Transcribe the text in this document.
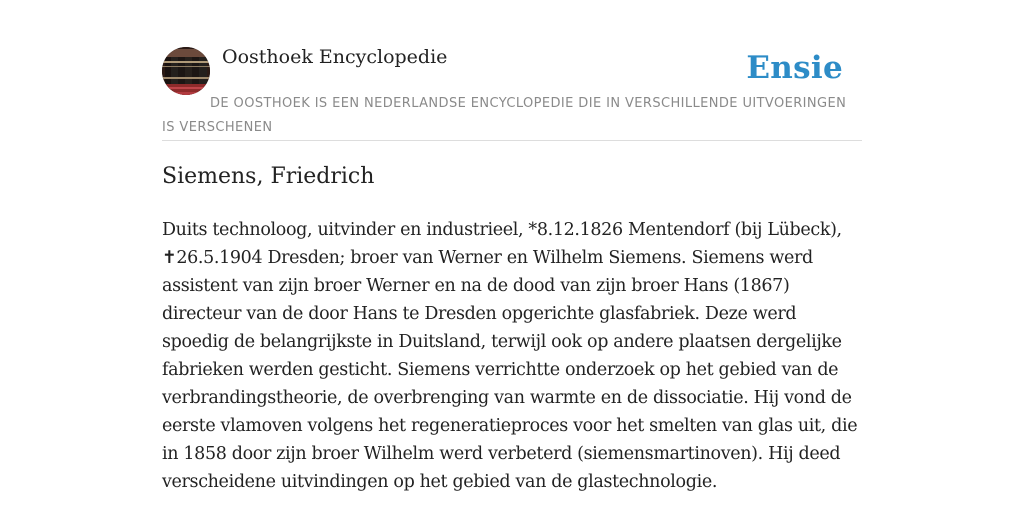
Oosthoek Encyclopedie	Ensie
DE OOSTHOEK IS EEN NEDERLANDSE ENCYCLOPEDIE DIE IN VERSCHILLENDE UITVOERINGEN IS VERSCHENEN
Siemens, Friedrich

Duits technoloog, uitvinder en industrieel, *8.12.1826 Mentendorf (bij Lübeck), ✝26.5.1904 Dresden; broer van Werner en Wilhelm Siemens. Siemens werd assistent van zijn broer Werner en na de dood van zijn broer Hans (1867) directeur van de door Hans te Dresden opgerichte glasfabriek. Deze werd spoedig de belangrijkste in Duitsland, terwijl ook op andere plaatsen dergelijke fabrieken werden gesticht. Siemens verrichtte onderzoek op het gebied van de verbrandingstheorie, de overbrenging van warmte en de dissociatie. Hij vond de eerste vlamoven volgens het regeneratieproces voor het smelten van glas uit, die in 1858 door zijn broer Wilhelm werd verbeterd (siemensmartinoven). Hij deed verscheidene uitvindingen op het gebied van de glastechnologie.
